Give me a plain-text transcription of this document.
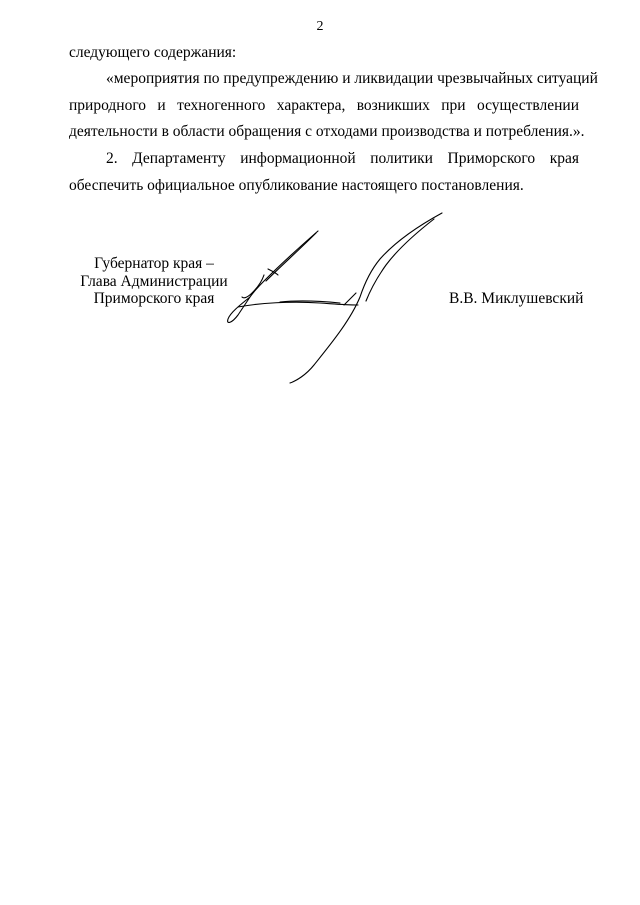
2
следующего содержания:
«мероприятия по предупреждению и ликвидации чрезвычайных ситуаций
природного и техногенного характера, возникших при осуществлении
деятельности в области обращения с отходами производства и потребления.».
2. Департаменту информационной политики Приморского края
обеспечить официальное опубликование настоящего постановления.
Губернатор края –
Глава Администрации
Приморского края	В.В. Миклушевский
